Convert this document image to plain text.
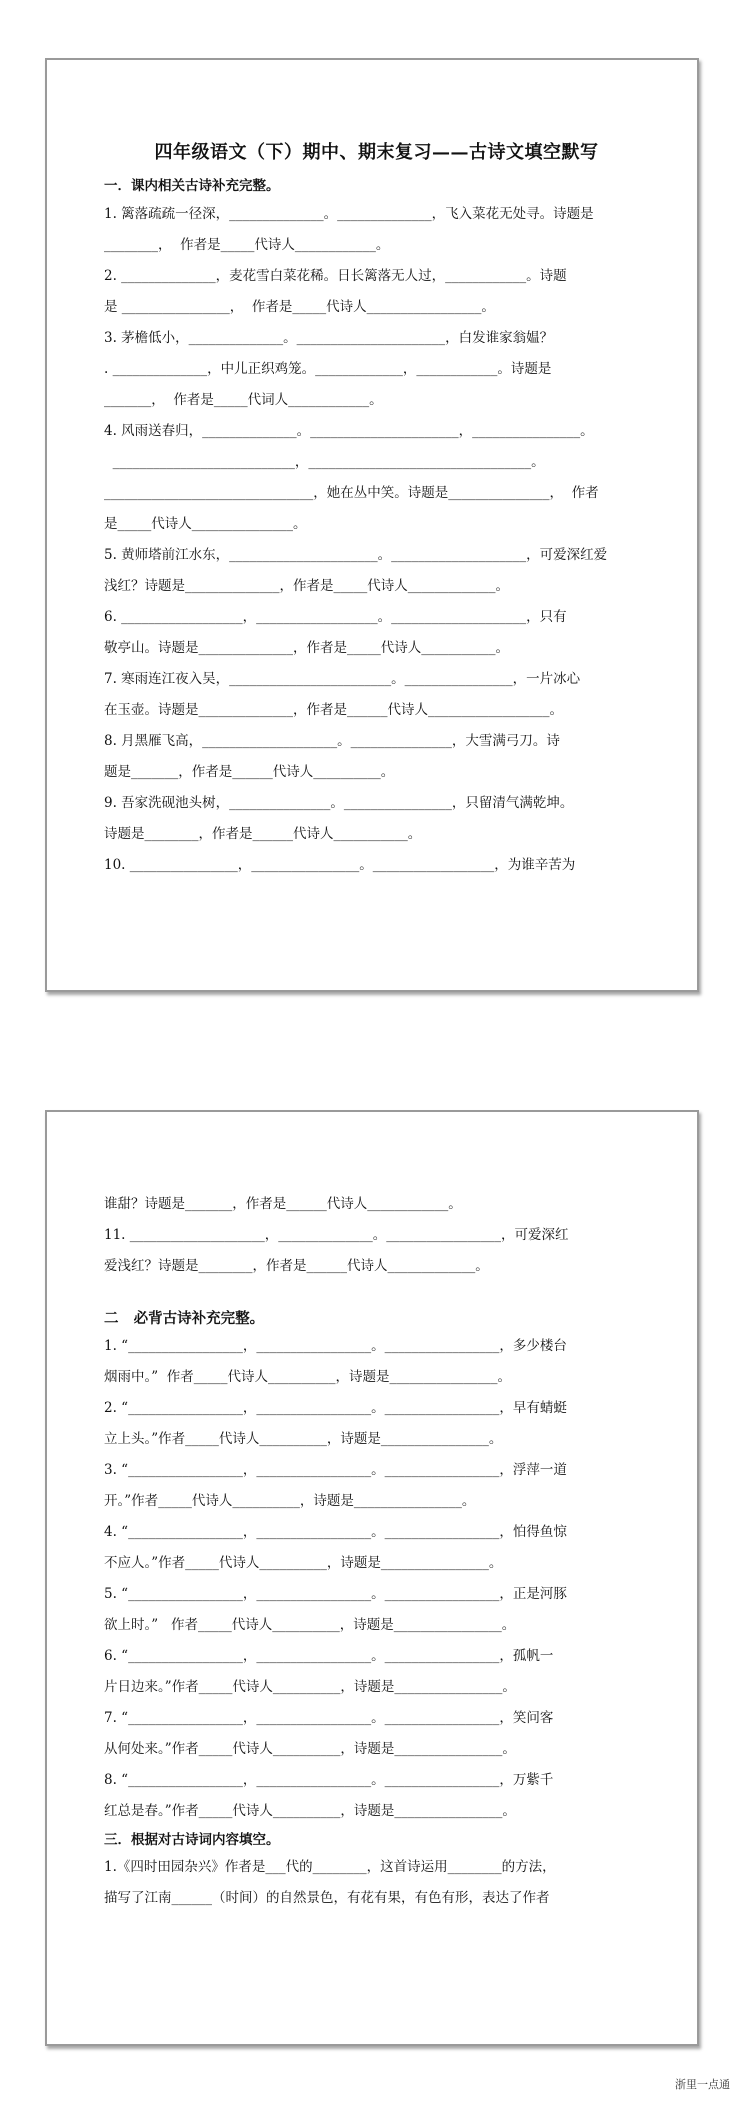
四年级语文（下）期中、期末复习——古诗文填空默写

一．课内相关古诗补充完整。

1. 篱落疏疏一径深，______________。______________，飞入菜花无处寻。诗题是

________，  作者是_____代诗人____________。

2. ______________，麦花雪白菜花稀。日长篱落无人过，____________。诗题

是 ________________，  作者是_____代诗人_________________。

3. 茅檐低小，______________。______________________，白发谁家翁媪？

. ______________，中儿正织鸡笼。_____________，____________。诗题是

_______，  作者是_____代词人____________。

4. 风雨送春归，______________。______________________，________________。

___________________________，_________________________________。

_______________________________，她在丛中笑。诗题是_______________，  作者

是_____代诗人_______________。

5. 黄师塔前江水东，______________________。____________________，可爱深红爱

浅红？诗题是______________，作者是_____代诗人_____________。

6. __________________，__________________。____________________，只有

敬亭山。诗题是______________，作者是_____代诗人___________。

7. 寒雨连江夜入吴，________________________。________________，一片冰心

在玉壶。诗题是______________，作者是______代诗人__________________。

8. 月黑雁飞高，____________________。_______________，大雪满弓刀。诗

题是_______，作者是______代诗人__________。

9. 吾家洗砚池头树，_______________。________________，只留清气满乾坤。

诗题是________，作者是______代诗人___________。

10. ________________，________________。__________________，为谁辛苦为

谁甜？诗题是_______，作者是______代诗人____________。

11. ____________________，______________。_________________，可爱深红

爱浅红？诗题是________，作者是______代诗人_____________。

二   必背古诗补充完整。

1. “_________________，_________________。_________________，多少楼台

烟雨中。”  作者_____代诗人__________，诗题是________________。

2. “_________________，_________________。_________________，早有蜻蜓

立上头。”作者_____代诗人__________，诗题是________________。

3. “_________________，_________________。_________________，浮萍一道

开。”作者_____代诗人__________，诗题是________________。

4. “_________________，_________________。_________________，怕得鱼惊

不应人。”作者_____代诗人__________，诗题是________________。

5. “_________________，_________________。_________________，正是河豚

欲上时。”   作者_____代诗人__________，诗题是________________。

6. “_________________，_________________。_________________，孤帆一

片日边来。”作者_____代诗人__________，诗题是________________。

7. “_________________，_________________。_________________，笑问客

从何处来。”作者_____代诗人__________，诗题是________________。

8. “_________________，_________________。_________________，万紫千

红总是春。”作者_____代诗人__________，诗题是________________。

三．根据对古诗词内容填空。

1.《四时田园杂兴》作者是___代的________，这首诗运用________的方法，

描写了江南______（时间）的自然景色，有花有果，有色有形，表达了作者

浙里一点通
